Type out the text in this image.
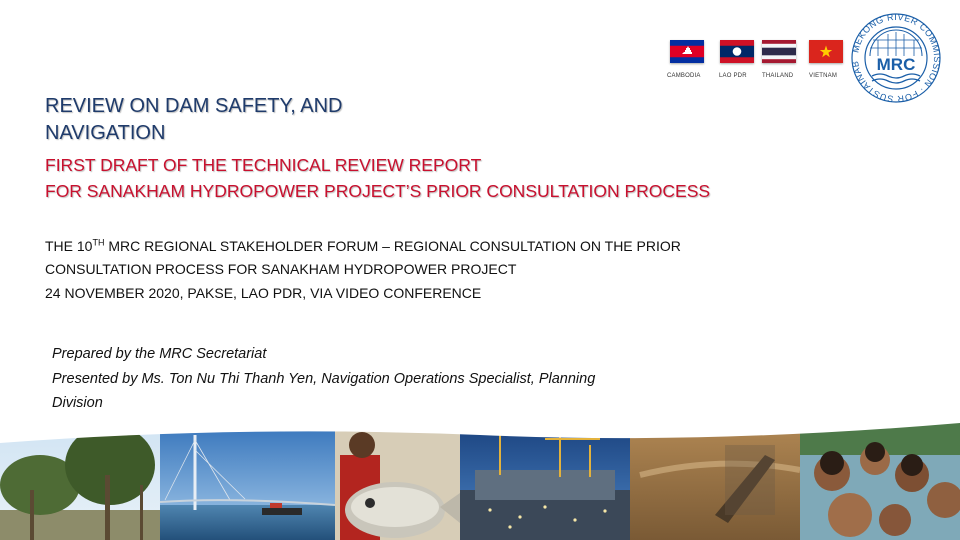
CAMBODIA	LAO PDR	THAILAND	VIETNAM
MEKONG RIVER COMMISSION · FOR SUSTAINAB MRC
REVIEW ON DAM SAFETY, AND
NAVIGATION
FIRST DRAFT OF THE TECHNICAL REVIEW REPORT
FOR SANAKHAM HYDROPOWER PROJECT’S PRIOR CONSULTATION PROCESS
THE 10TH MRC REGIONAL STAKEHOLDER FORUM – REGIONAL CONSULTATION ON THE PRIOR
CONSULTATION PROCESS FOR SANAKHAM HYDROPOWER PROJECT
24 NOVEMBER 2020, PAKSE, LAO PDR, VIA VIDEO CONFERENCE
Prepared by the MRC Secretariat
Presented by Ms. Ton Nu Thi Thanh Yen, Navigation Operations Specialist, Planning
Division
